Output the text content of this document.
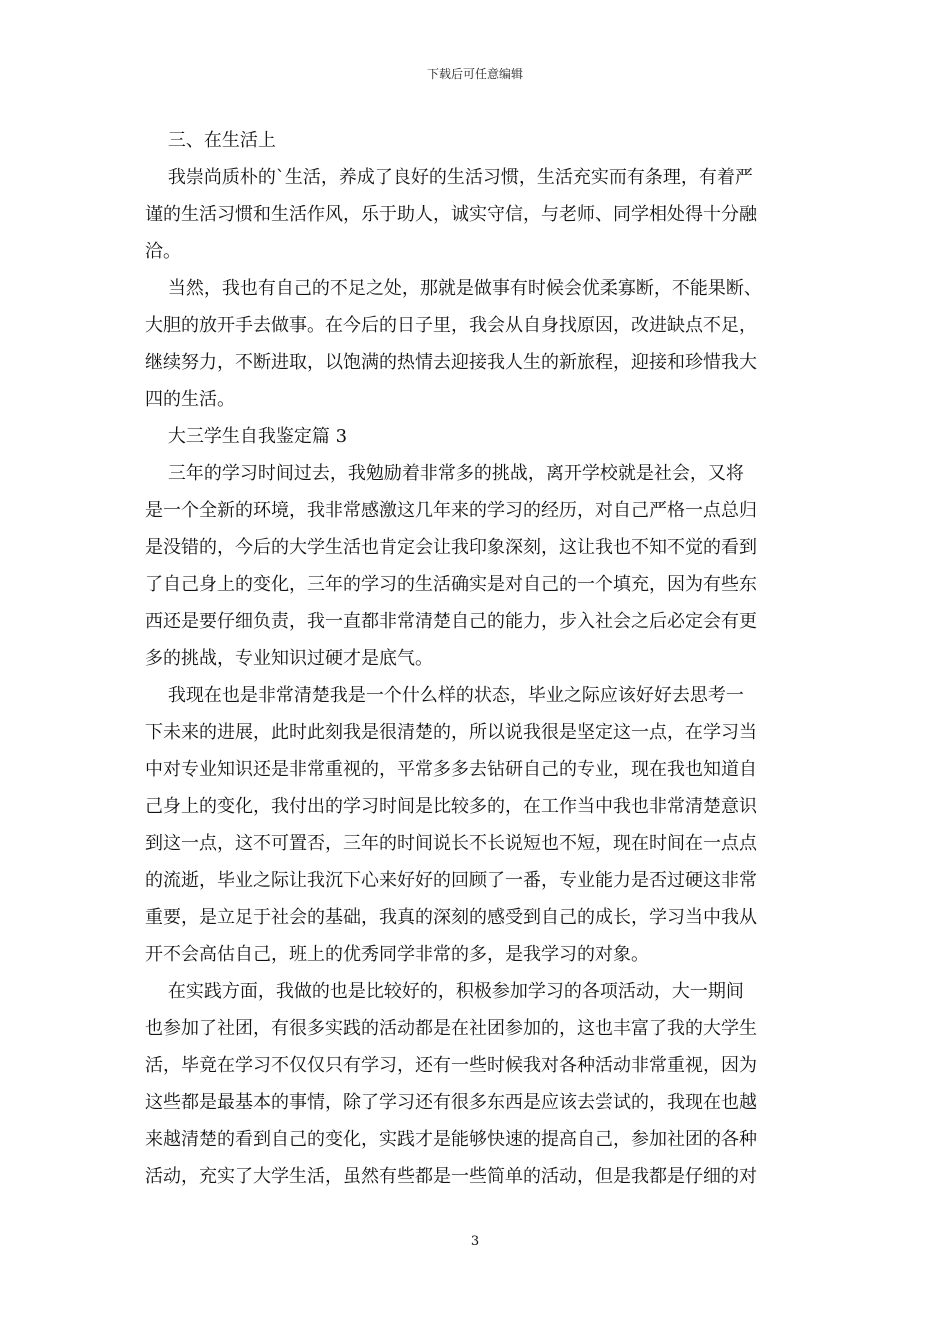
下载后可任意编辑
三、在生活上
我崇尚质朴的`生活，养成了良好的生活习惯，生活充实而有条理，有着严
谨的生活习惯和生活作风，乐于助人，诚实守信，与老师、同学相处得十分融
洽。
当然，我也有自己的不足之处，那就是做事有时候会优柔寡断，不能果断、
大胆的放开手去做事。在今后的日子里，我会从自身找原因，改进缺点不足，
继续努力，不断进取，以饱满的热情去迎接我人生的新旅程，迎接和珍惜我大
四的生活。
大三学生自我鉴定篇 3
三年的学习时间过去，我勉励着非常多的挑战，离开学校就是社会，又将
是一个全新的环境，我非常感激这几年来的学习的经历，对自己严格一点总归
是没错的，今后的大学生活也肯定会让我印象深刻，这让我也不知不觉的看到
了自己身上的变化，三年的学习的生活确实是对自己的一个填充，因为有些东
西还是要仔细负责，我一直都非常清楚自己的能力，步入社会之后必定会有更
多的挑战，专业知识过硬才是底气。
我现在也是非常清楚我是一个什么样的状态，毕业之际应该好好去思考一
下未来的进展，此时此刻我是很清楚的，所以说我很是坚定这一点，在学习当
中对专业知识还是非常重视的，平常多多去钻研自己的专业，现在我也知道自
己身上的变化，我付出的学习时间是比较多的，在工作当中我也非常清楚意识
到这一点，这不可置否，三年的时间说长不长说短也不短，现在时间在一点点
的流逝，毕业之际让我沉下心来好好的回顾了一番，专业能力是否过硬这非常
重要，是立足于社会的基础，我真的深刻的感受到自己的成长，学习当中我从
开不会高估自己，班上的优秀同学非常的多，是我学习的对象。
在实践方面，我做的也是比较好的，积极参加学习的各项活动，大一期间
也参加了社团，有很多实践的活动都是在社团参加的，这也丰富了我的大学生
活，毕竟在学习不仅仅只有学习，还有一些时候我对各种活动非常重视，因为
这些都是最基本的事情，除了学习还有很多东西是应该去尝试的，我现在也越
来越清楚的看到自己的变化，实践才是能够快速的提高自己，参加社团的各种
活动，充实了大学生活，虽然有些都是一些简单的活动，但是我都是仔细的对
3
